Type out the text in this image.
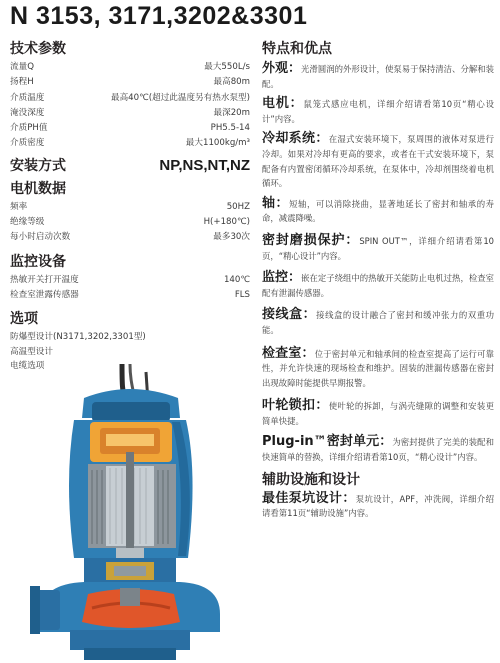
N 3153, 3171,3202&3301
技术参数
流量Q	最大550L/s
扬程H	最高80m
介质温度	最高40℃(超过此温度另有热水泵型)
淹没深度	最深20m
介质PH值	PH5.5-14
介质密度	最大1100kg/m³
安装方式	NP,NS,NT,NZ
电机数据
频率	50HZ
绝缘等级	H(+180℃)
每小时启动次数	最多30次
监控设备
热敏开关打开温度	140℃
检查室泄露传感器	FLS
选项
防爆型设计(N3171,3202,3301型)
高温型设计
电缆选项
特点和优点
外观：光滑圆润的外形设计，使泵易于保持清洁、分解和装配。
电机：鼠笼式感应电机，详细介绍请看第10页“精心设计”内容。
冷却系统：在湿式安装环境下，泵周围的液体对泵进行冷却。如果对冷却有更高的要求，或者在干式安装环境下，泵配备有内置密闭循环冷却系统，在泵体中，冷却剂围绕着电机循环。
轴：短轴，可以消除挠曲，显著地延长了密封和轴承的寿命，减震降噪。
密封磨损保护：SPIN OUT™，详细介绍请看第10页，“精心设计”内容。
监控：嵌在定子绕组中的热敏开关能防止电机过热，检查室配有泄漏传感器。
接线盒：接线盒的设计融合了密封和缓冲张力的双重功能。
检查室：位于密封单元和轴承间的检查室提高了运行可靠性，并允许快速的现场检查和维护。固装的泄漏传感器在密封出现故障时能提供早期报警。
叶轮锁扣：使叶轮的拆卸，与涡壳缝隙的调整和安装更简单快捷。
Plug-in™密封单元：为密封提供了完美的装配和快速简单的替换，详细介绍请看第10页，“精心设计”内容。
辅助设施和设计
最佳泵坑设计：泵坑设计，APF，冲洗阀，详细介绍请看第11页“辅助设施”内容。
